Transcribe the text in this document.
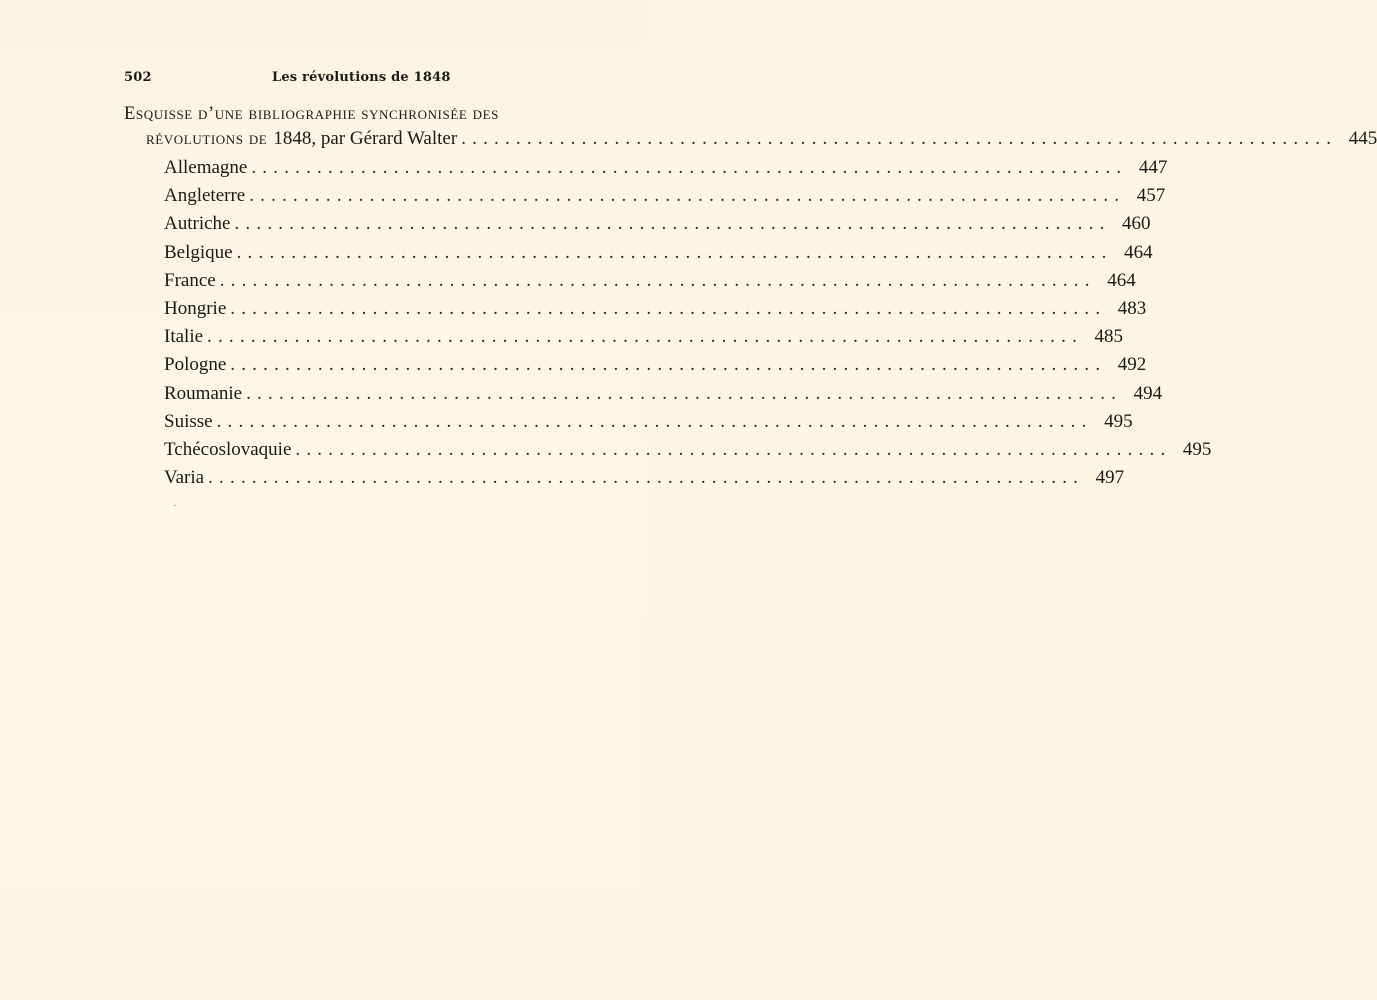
502	Les révolutions de 1848
Esquisse d’une bibliographie synchronisée des
révolutions de 1848, par Gérard Walter ................................................................................ 445
Allemagne ................................................................................ 447
Angleterre ................................................................................ 457
Autriche ................................................................................ 460
Belgique ................................................................................ 464
France ................................................................................ 464
Hongrie ................................................................................ 483
Italie ................................................................................ 485
Pologne ................................................................................ 492
Roumanie ................................................................................ 494
Suisse ................................................................................ 495
Tchécoslovaquie ................................................................................ 495
Varia ................................................................................ 497
